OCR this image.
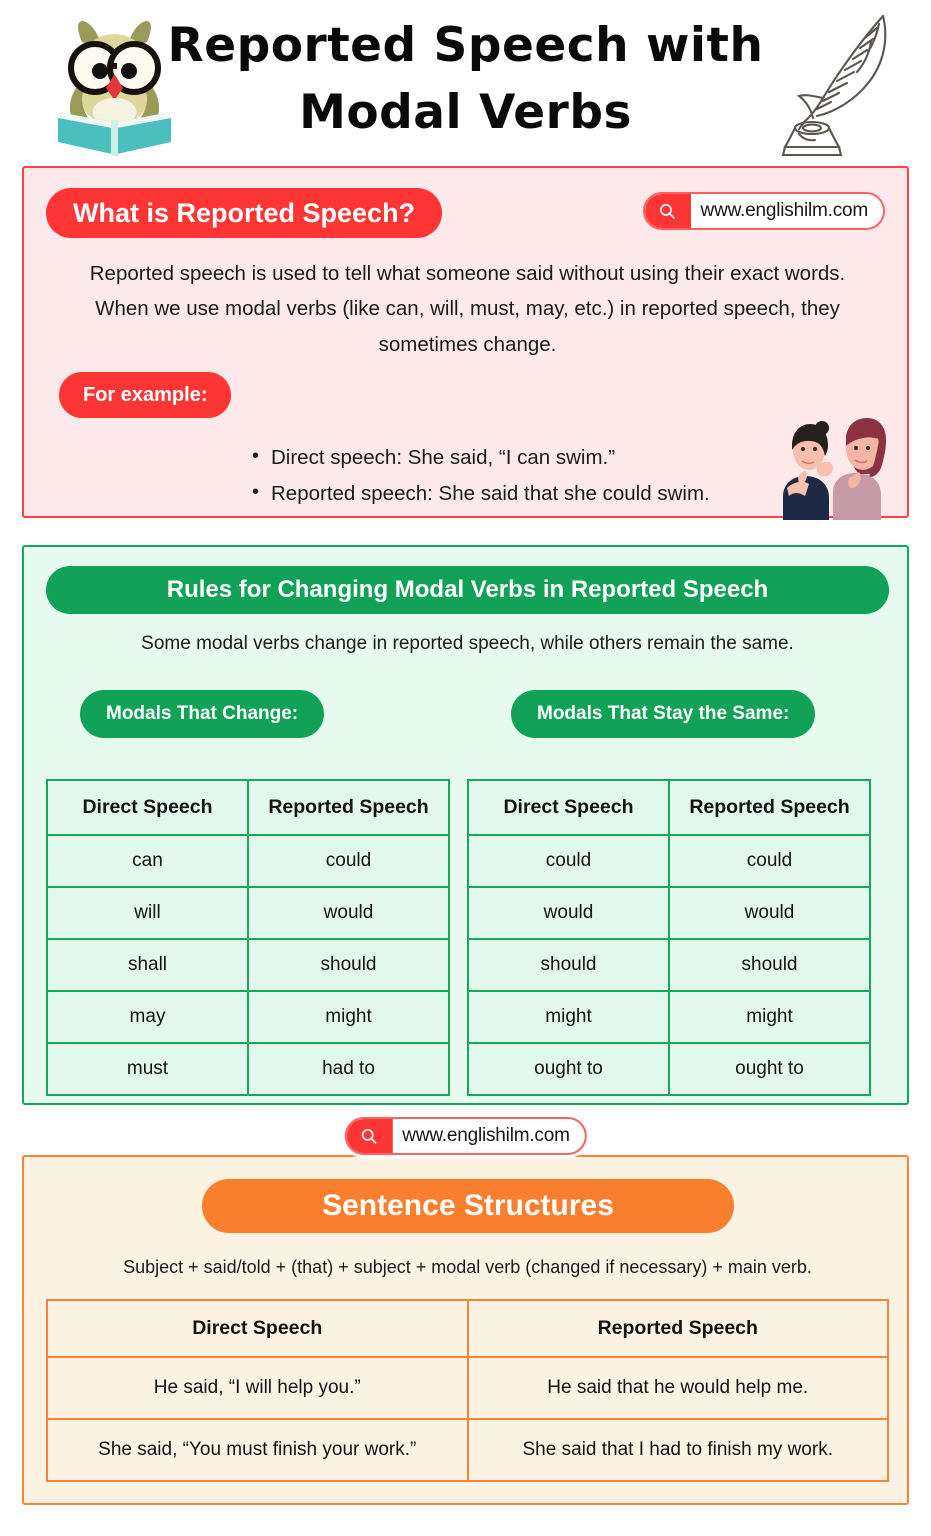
Reported Speech with
Modal Verbs
What is Reported Speech?	www.englishilm.com

Reported speech is used to tell what someone said without using their exact words. When we use modal verbs (like can, will, must, may, etc.) in reported speech, they sometimes change.

For example:
• Direct speech: She said, “I can swim.”
• Reported speech: She said that she could swim.
Rules for Changing Modal Verbs in Reported Speech

Some modal verbs change in reported speech, while others remain the same.

Modals That Change:	Modals That Stay the Same:
Direct Speech	Reported Speech
can	could
will	would
shall	should
may	might
must	had to
Direct Speech	Reported Speech
could	could
would	would
should	should
might	might
ought to	ought to
www.englishilm.com
Sentence Structures

Subject + said/told + (that) + subject + modal verb (changed if necessary) + main verb.

Direct Speech	Reported Speech
He said, “I will help you.”	He said that he would help me.
She said, “You must finish your work.”	She said that I had to finish my work.
